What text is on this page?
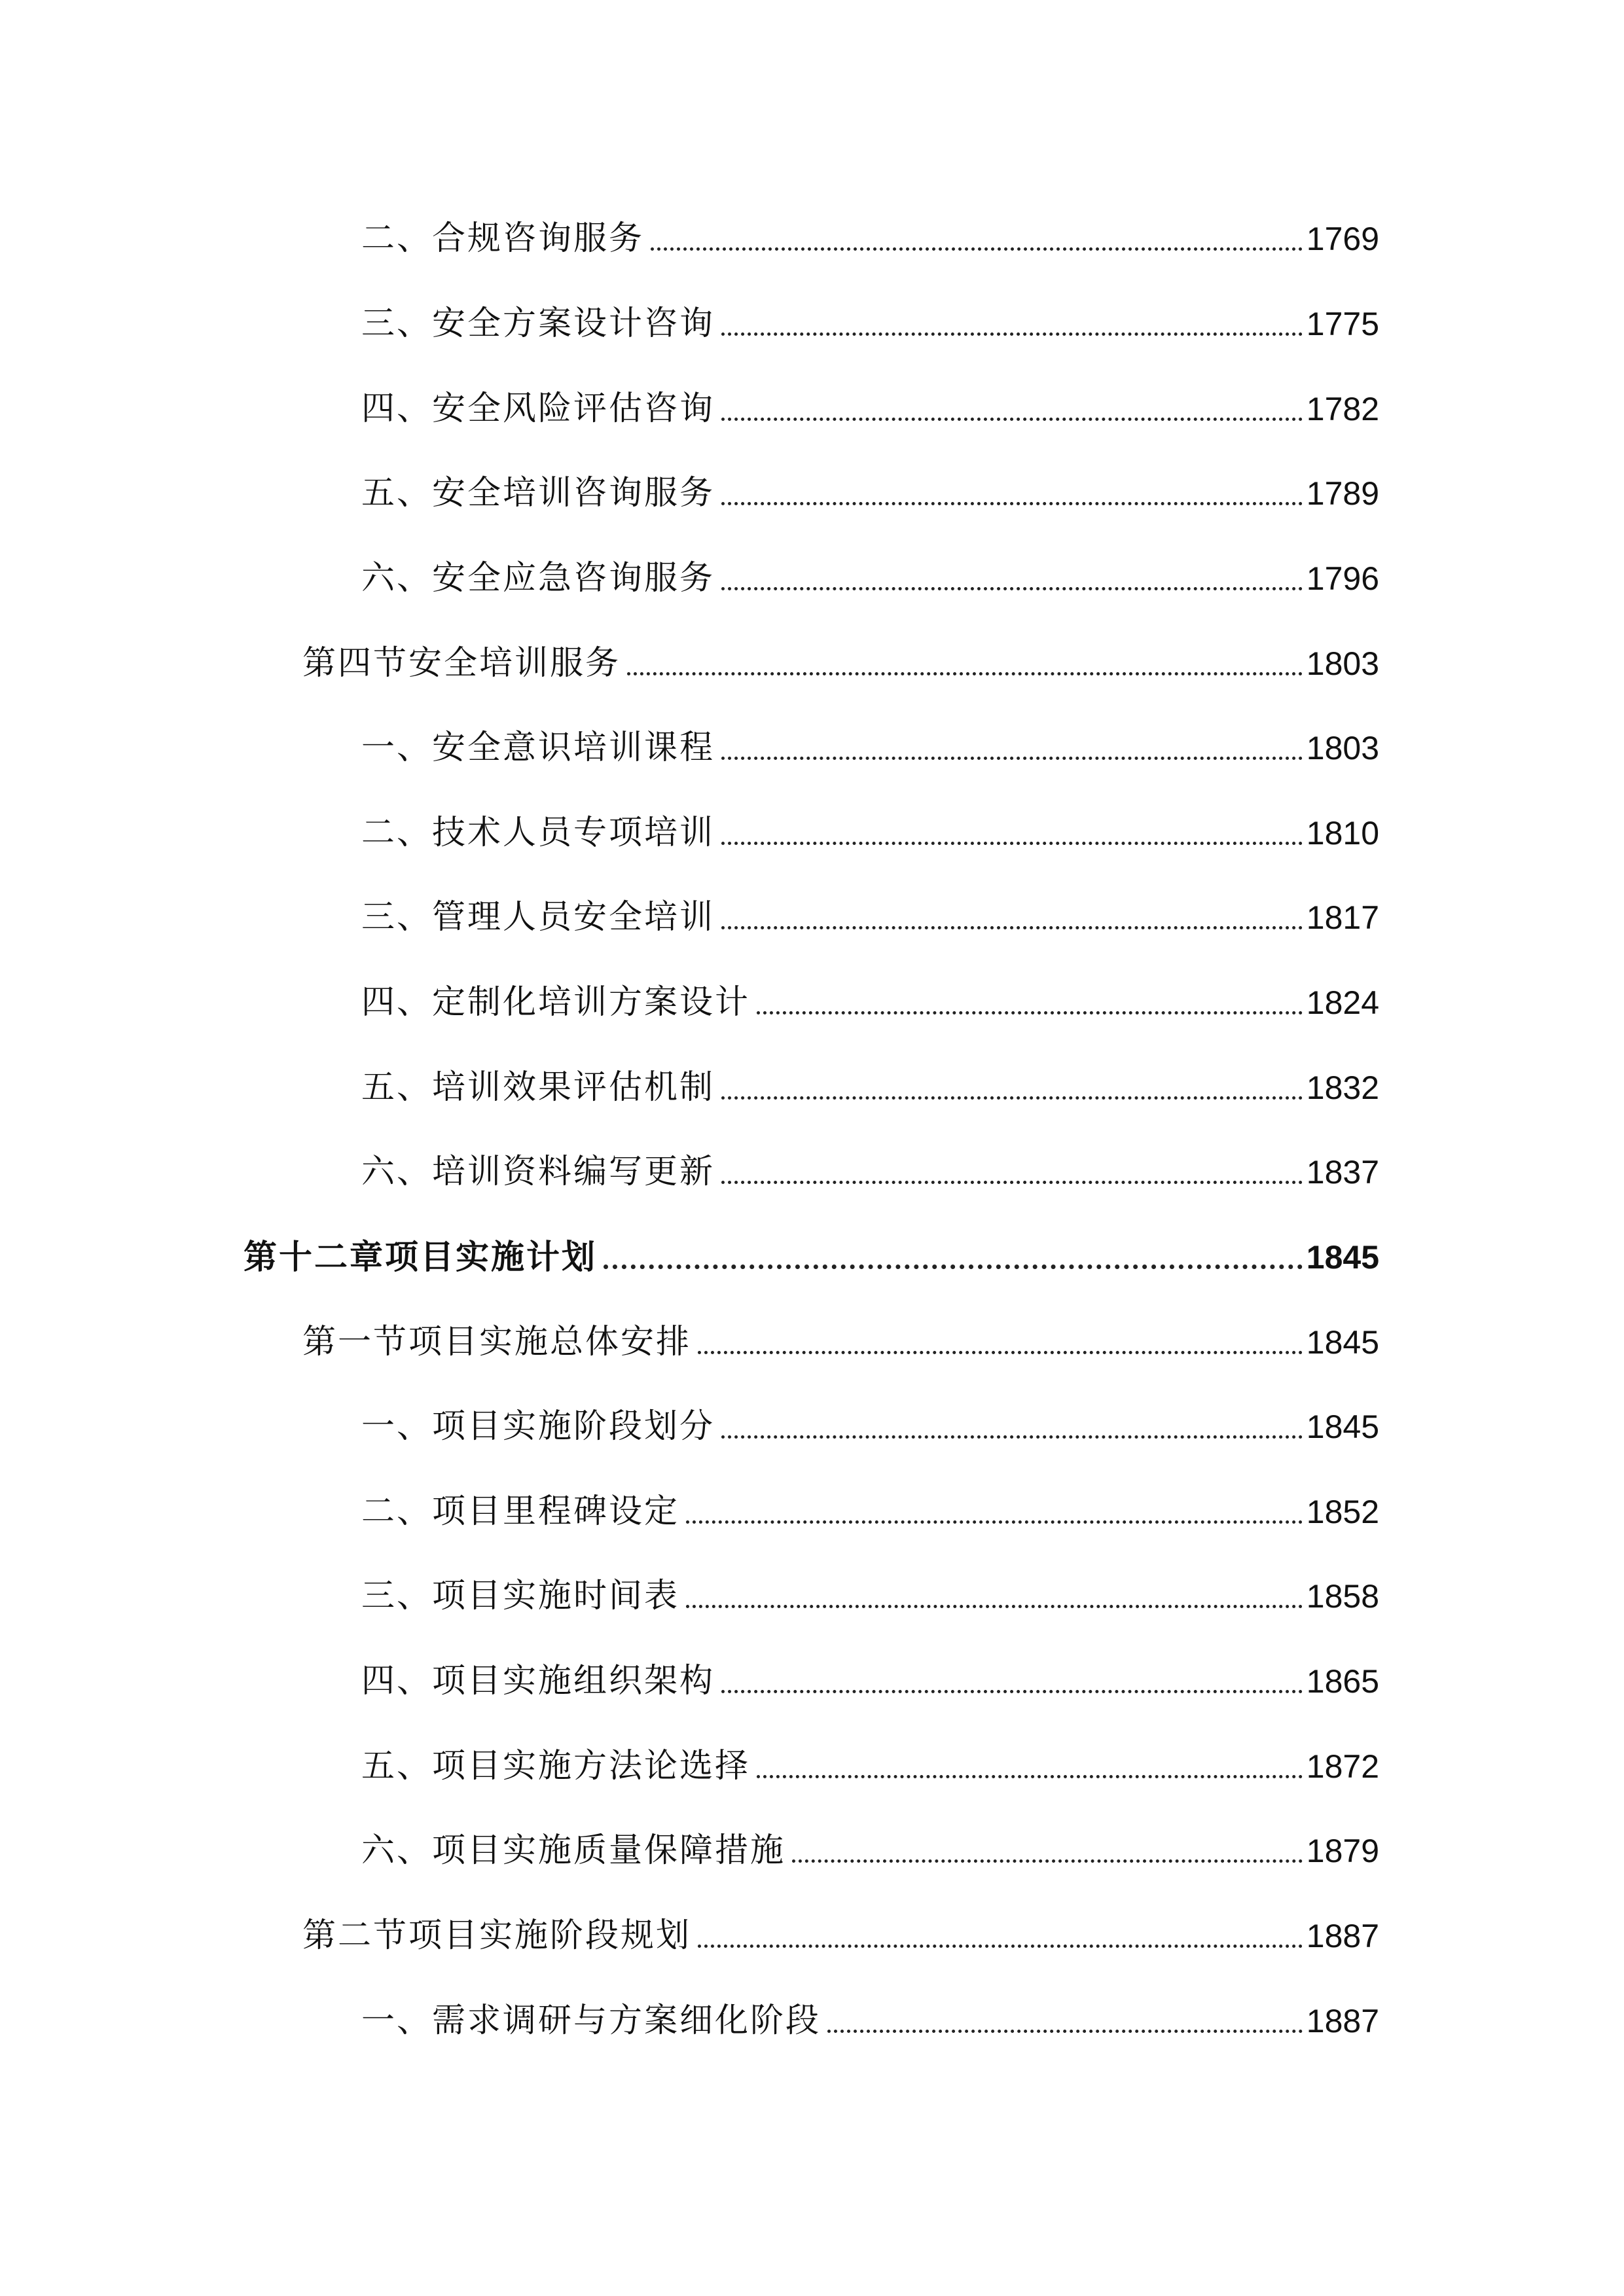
二、合规咨询服务	1769
三、安全方案设计咨询	1775
四、安全风险评估咨询	1782
五、安全培训咨询服务	1789
六、安全应急咨询服务	1796
第四节安全培训服务	1803
一、安全意识培训课程	1803
二、技术人员专项培训	1810
三、管理人员安全培训	1817
四、定制化培训方案设计	1824
五、培训效果评估机制	1832
六、培训资料编写更新	1837
第十二章项目实施计划	1845
第一节项目实施总体安排	1845
一、项目实施阶段划分	1845
二、项目里程碑设定	1852
三、项目实施时间表	1858
四、项目实施组织架构	1865
五、项目实施方法论选择	1872
六、项目实施质量保障措施	1879
第二节项目实施阶段规划	1887
一、需求调研与方案细化阶段	1887
